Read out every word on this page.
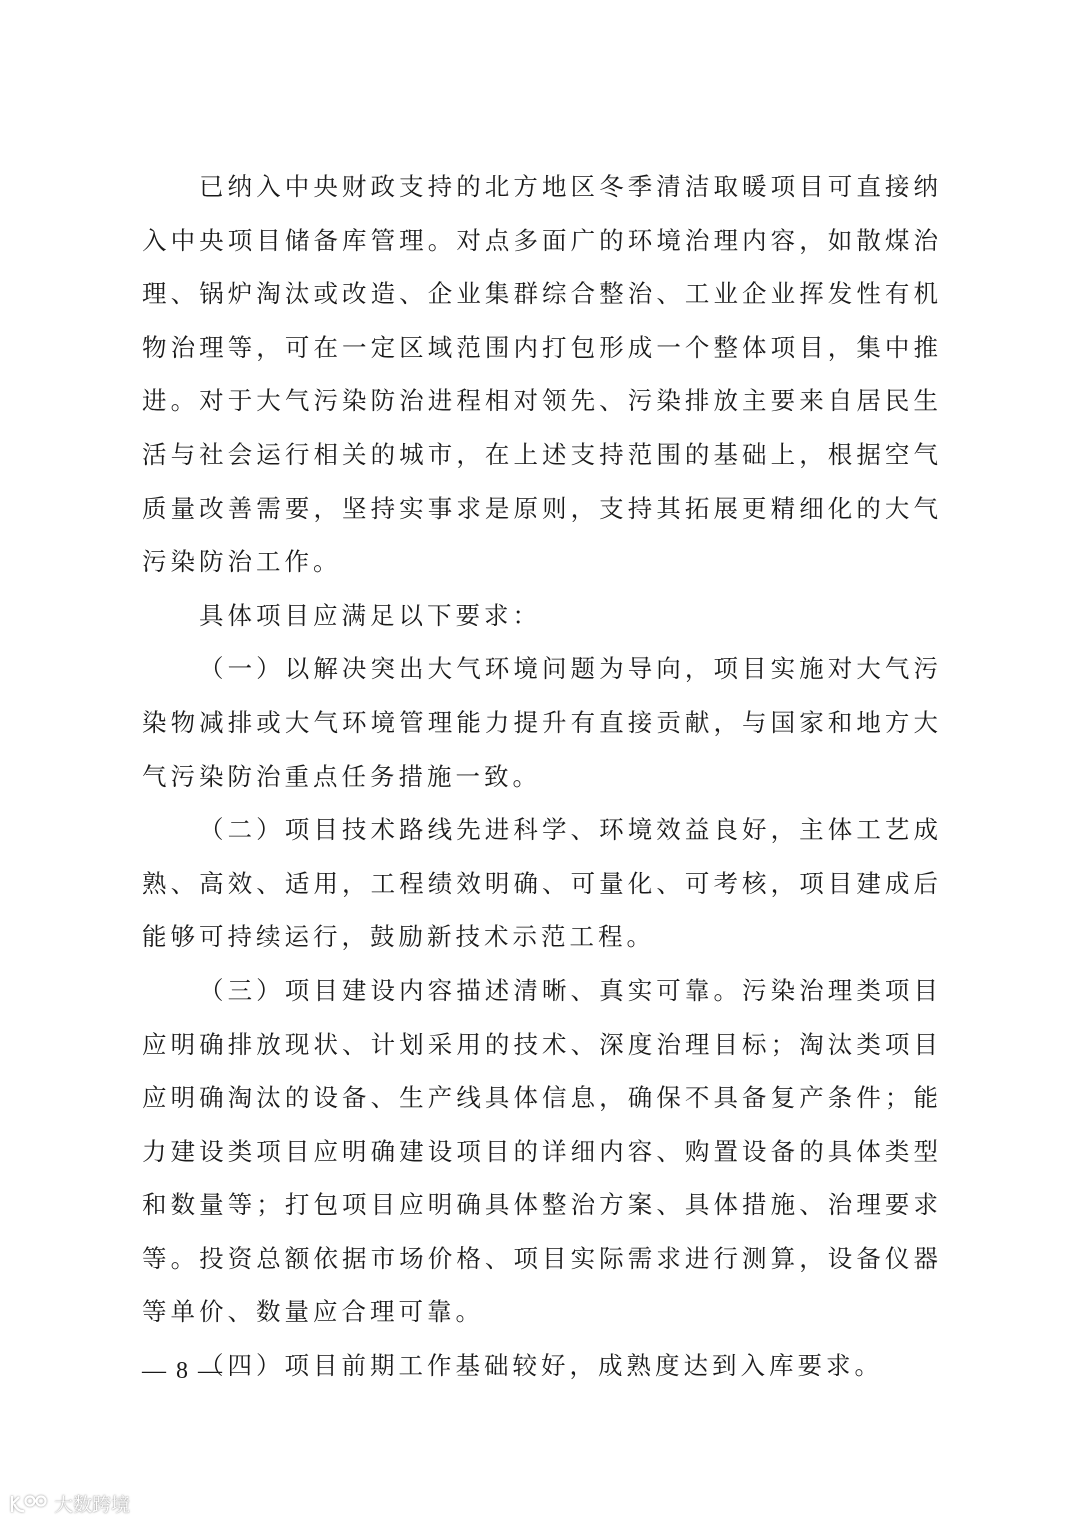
已纳入中央财政支持的北方地区冬季清洁取暖项目可直接纳入中央项目储备库管理。对点多面广的环境治理内容，如散煤治理、锅炉淘汰或改造、企业集群综合整治、工业企业挥发性有机物治理等，可在一定区域范围内打包形成一个整体项目，集中推进。对于大气污染防治进程相对领先、污染排放主要来自居民生活与社会运行相关的城市，在上述支持范围的基础上，根据空气质量改善需要，坚持实事求是原则，支持其拓展更精细化的大气污染防治工作。

具体项目应满足以下要求：

（一）以解决突出大气环境问题为导向，项目实施对大气污染物减排或大气环境管理能力提升有直接贡献，与国家和地方大气污染防治重点任务措施一致。

（二）项目技术路线先进科学、环境效益良好，主体工艺成熟、高效、适用，工程绩效明确、可量化、可考核，项目建成后能够可持续运行，鼓励新技术示范工程。

（三）项目建设内容描述清晰、真实可靠。污染治理类项目应明确排放现状、计划采用的技术、深度治理目标；淘汰类项目应明确淘汰的设备、生产线具体信息，确保不具备复产条件；能力建设类项目应明确建设项目的详细内容、购置设备的具体类型和数量等；打包项目应明确具体整治方案、具体措施、治理要求等。投资总额依据市场价格、项目实际需求进行测算，设备仪器等单价、数量应合理可靠。

（四）项目前期工作基础较好，成熟度达到入库要求。

— 8 —
大数跨境
